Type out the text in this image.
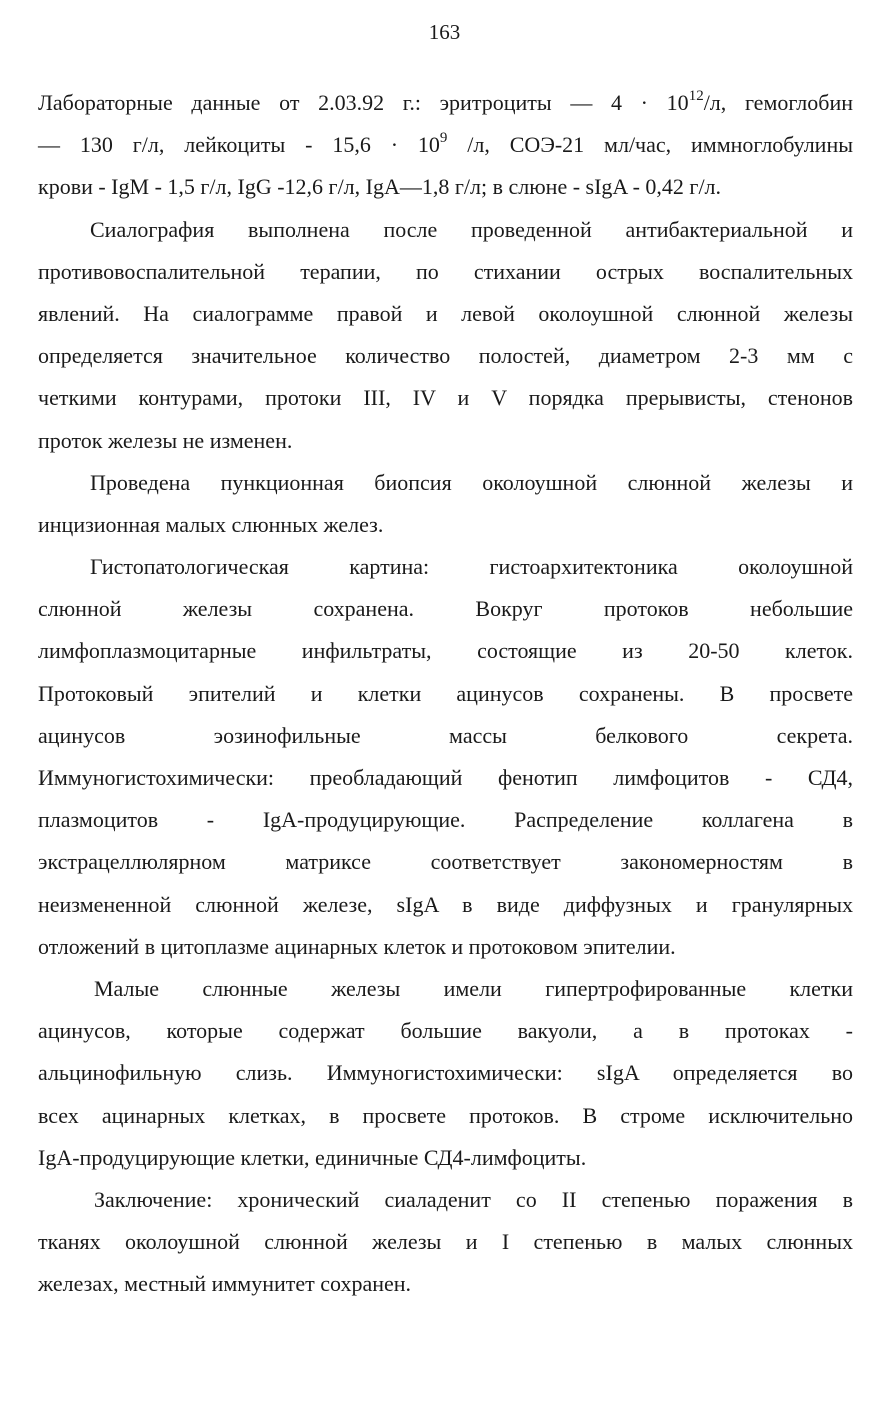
163
Лабораторные данные от 2.03.92 г.: эритроциты — $4 \cdot 10^{12}/л$, гемоглобин
— 130 г/л, лейкоциты - $15,6 \cdot 10^9$ /л, СОЭ-21 мл/час, иммноглобулины
крови - IgM - 1,5 г/л, IgG -12,6 г/л, IgA—1,8 г/л; в слюне - sIgA - 0,42 г/л.
Сиалография выполнена после проведенной антибактериальной и
противовоспалительной терапии, по стихании острых воспалительных
явлений. На сиалограмме правой и левой околоушной слюнной железы
определяется значительное количество полостей, диаметром 2-3 мм с
четкими контурами, протоки III, IV и V порядка прерывисты, стенонов
проток железы не изменен.
Проведена пункционная биопсия околоушной слюнной железы и
инцизионная малых слюнных желез.
Гистопатологическая картина: гистоархитектоника околоушной
слюнной железы сохранена. Вокруг протоков небольшие
лимфоплазмоцитарные инфильтраты, состоящие из 20-50 клеток.
Протоковый эпителий и клетки ацинусов сохранены. В просвете
ацинусов эозинофильные массы белкового секрета.
Иммуногистохимически: преобладающий фенотип лимфоцитов - СД4,
плазмоцитов - IgA-продуцирующие. Распределение коллагена в
экстрацеллюлярном матриксе соответствует закономерностям в
неизмененной слюнной железе, sIgA в виде диффузных и гранулярных
отложений в цитоплазме ацинарных клеток и протоковом эпителии.
Малые слюнные железы имели гипертрофированные клетки
ацинусов, которые содержат большие вакуоли, а в протоках -
альцинофильную слизь. Иммуногистохимически: sIgA определяется во
всех ацинарных клетках, в просвете протоков. В строме исключительно
IgA-продуцирующие клетки, единичные СД4-лимфоциты.
Заключение: хронический сиаладенит со II степенью поражения в
тканях околоушной слюнной железы и I степенью в малых слюнных
железах, местный иммунитет сохранен.
